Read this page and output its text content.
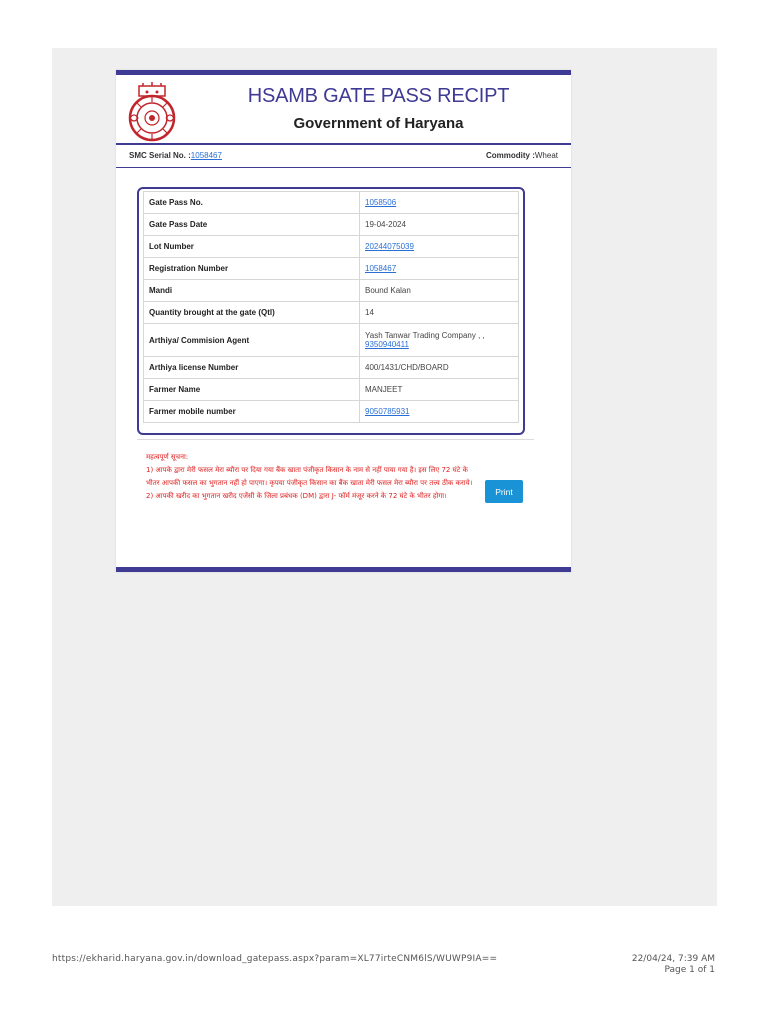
HSAMB GATE PASS RECIPT
Government of Haryana
SMC Serial No. :1058467	Commodity :Wheat
Gate Pass No.	1058506
Gate Pass Date	19-04-2024
Lot Number	20244075039
Registration Number	1058467
Mandi	Bound Kalan
Quantity brought at the gate (Qtl)	14
Arthiya/ Commision Agent	Yash Tanwar Trading Company , ,
9350940411
Arthiya license Number	400/1431/CHD/BOARD
Farmer Name	MANJEET
Farmer mobile number	9050785931

महत्वपूर्ण सूचना:

1) आपके द्वारा मेरी फसल मेरा ब्यौरा पर दिया गया बैंक खाता पंजीकृत किसान के नाम से नहीं पाया गया है। इस लिए 72 घंटे के भीतर आपकी फसल का भुगतान नहीं हो पाएगा। कृपया पंजीकृत किसान का बैंक खाता मेरी फसल मेरा ब्यौरा पर तत्त्व ठीक कराये।

2) आपकी खरीद का भुगतान खरीद एजेंसी के जिला प्रबंधक (DM) द्वारा J- फॉर्म मंजूर करने के 72 घंटे के भीतर होगा।	Print
https://ekharid.haryana.gov.in/download_gatepass.aspx?param=XL77irteCNM6lS/WUWP9IA==	22/04/24, 7:39 AM
Page 1 of 1
